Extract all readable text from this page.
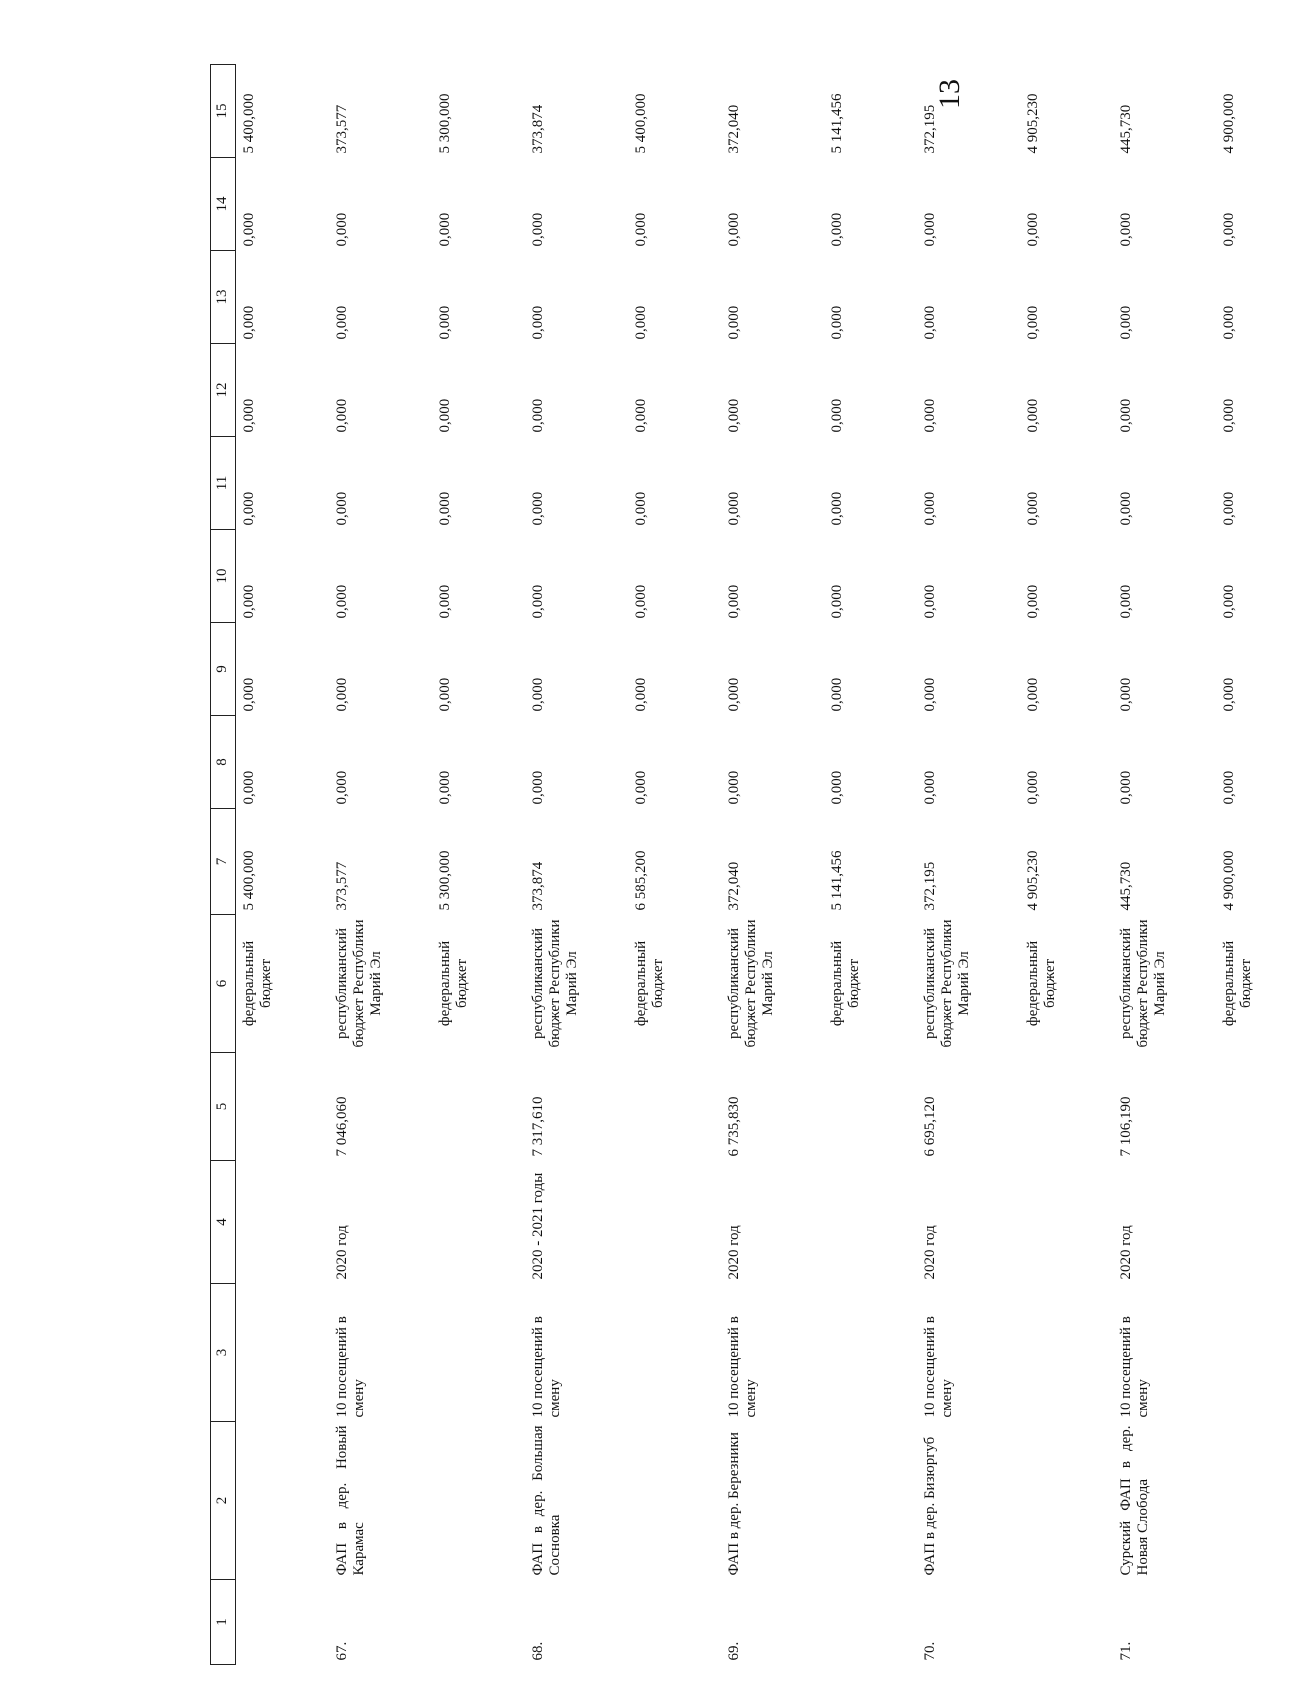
13
1	2	3	4	5	6	7	8	9	10	11	12	13	14	15
					федеральный бюджет	5 400,000	0,000	0,000	0,000	0,000	0,000	0,000	0,000	5 400,000
67.	ФАП в дер. Новый Карамас	10 посещений в смену	2020 год	7 046,060	республиканский бюджет Республики Марий Эл	373,577	0,000	0,000	0,000	0,000	0,000	0,000	0,000	373,577
					федеральный бюджет	5 300,000	0,000	0,000	0,000	0,000	0,000	0,000	0,000	5 300,000
68.	ФАП в дер. Большая Сосновка	10 посещений в смену	2020 - 2021 годы	7 317,610	республиканский бюджет Республики Марий Эл	373,874	0,000	0,000	0,000	0,000	0,000	0,000	0,000	373,874
					федеральный бюджет	6 585,200	0,000	0,000	0,000	0,000	0,000	0,000	0,000	5 400,000
69.	ФАП в дер. Березники	10 посещений в смену	2020 год	6 735,830	республиканский бюджет Республики Марий Эл	372,040	0,000	0,000	0,000	0,000	0,000	0,000	0,000	372,040
					федеральный бюджет	5 141,456	0,000	0,000	0,000	0,000	0,000	0,000	0,000	5 141,456
70.	ФАП в дер. Бизюргуб	10 посещений в смену	2020 год	6 695,120	республиканский бюджет Республики Марий Эл	372,195	0,000	0,000	0,000	0,000	0,000	0,000	0,000	372,195
					федеральный бюджет	4 905,230	0,000	0,000	0,000	0,000	0,000	0,000	0,000	4 905,230
71.	Сурский ФАП в дер. Новая Слобода	10 посещений в смену	2020 год	7 106,190	республиканский бюджет Республики Марий Эл	445,730	0,000	0,000	0,000	0,000	0,000	0,000	0,000	445,730
					федеральный бюджет	4 900,000	0,000	0,000	0,000	0,000	0,000	0,000	0,000	4 900,000
